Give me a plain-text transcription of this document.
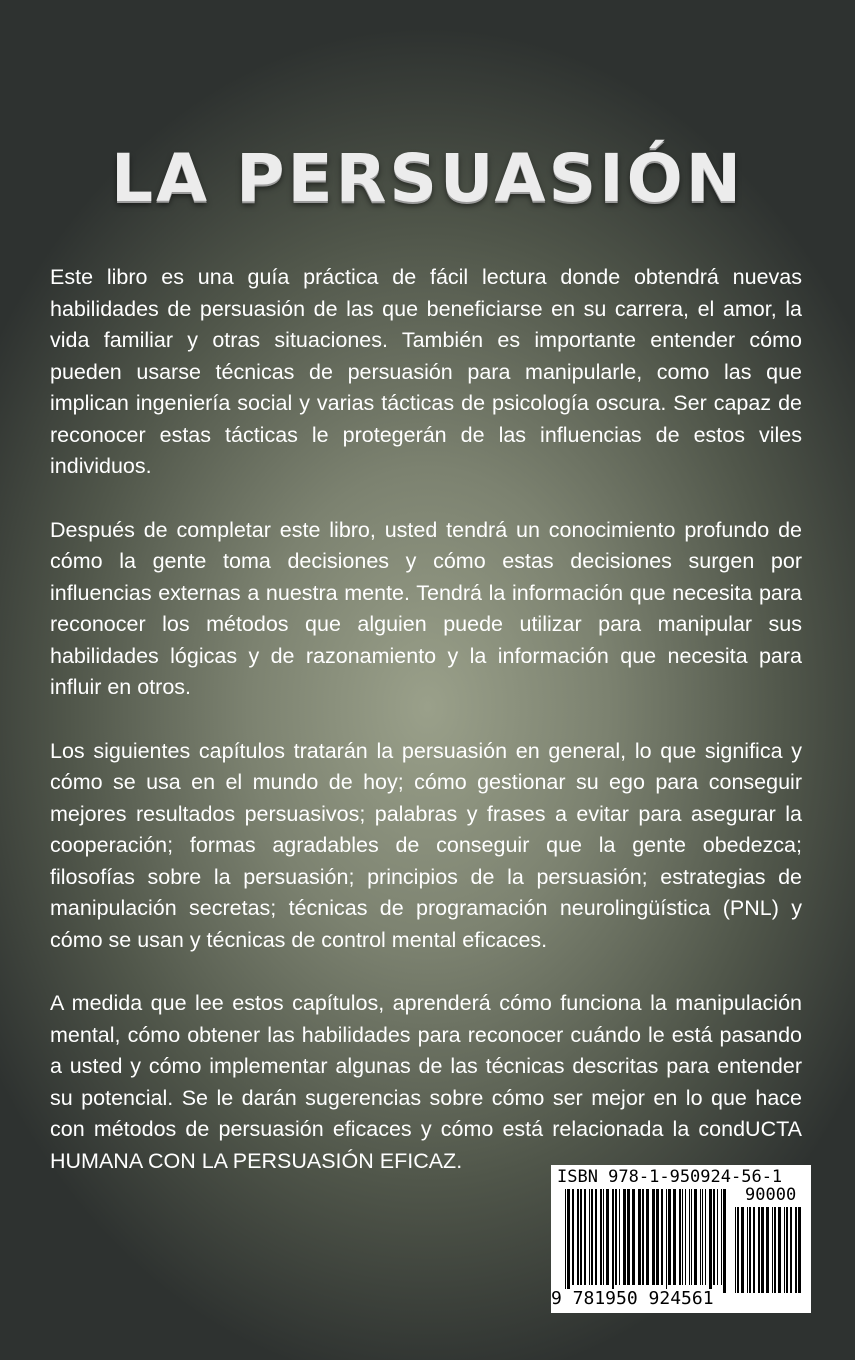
LA PERSUASIÓN

Este libro es una guía práctica de fácil lectura donde obtendrá nuevas habilidades de persuasión de las que beneficiarse en su carrera, el amor, la vida familiar y otras situaciones. También es importante entender cómo pueden usarse técnicas de persuasión para manipularle, como las que implican ingeniería social y varias tácticas de psicología oscura. Ser capaz de reconocer estas tácticas le protegerán de las influencias de estos viles individuos.

Después de completar este libro, usted tendrá un conocimiento profundo de cómo la gente toma decisiones y cómo estas decisiones surgen por influencias externas a nuestra mente. Tendrá la información que necesita para reconocer los métodos que alguien puede utilizar para manipular sus habilidades lógicas y de razonamiento y la información que necesita para influir en otros.

Los siguientes capítulos tratarán la persuasión en general, lo que significa y cómo se usa en el mundo de hoy; cómo gestionar su ego para conseguir mejores resultados persuasivos; palabras y frases a evitar para asegurar la cooperación; formas agradables de conseguir que la gente obedezca; filosofías sobre la persuasión; principios de la persuasión; estrategias de manipulación secretas; técnicas de programación neurolingüística (PNL) y cómo se usan y técnicas de control mental eficaces.

A medida que lee estos capítulos, aprenderá cómo funciona la manipulación mental, cómo obtener las habilidades para reconocer cuándo le está pasando a usted y cómo implementar algunas de las técnicas descritas para entender su potencial. Se le darán sugerencias sobre cómo ser mejor en lo que hace con métodos de persuasión eficaces y cómo está relacionada la condUCTA HUMANA CON LA PERSUASIÓN EFICAZ.

ISBN 978-1-950924-56-1
90000
9 781950 924561
